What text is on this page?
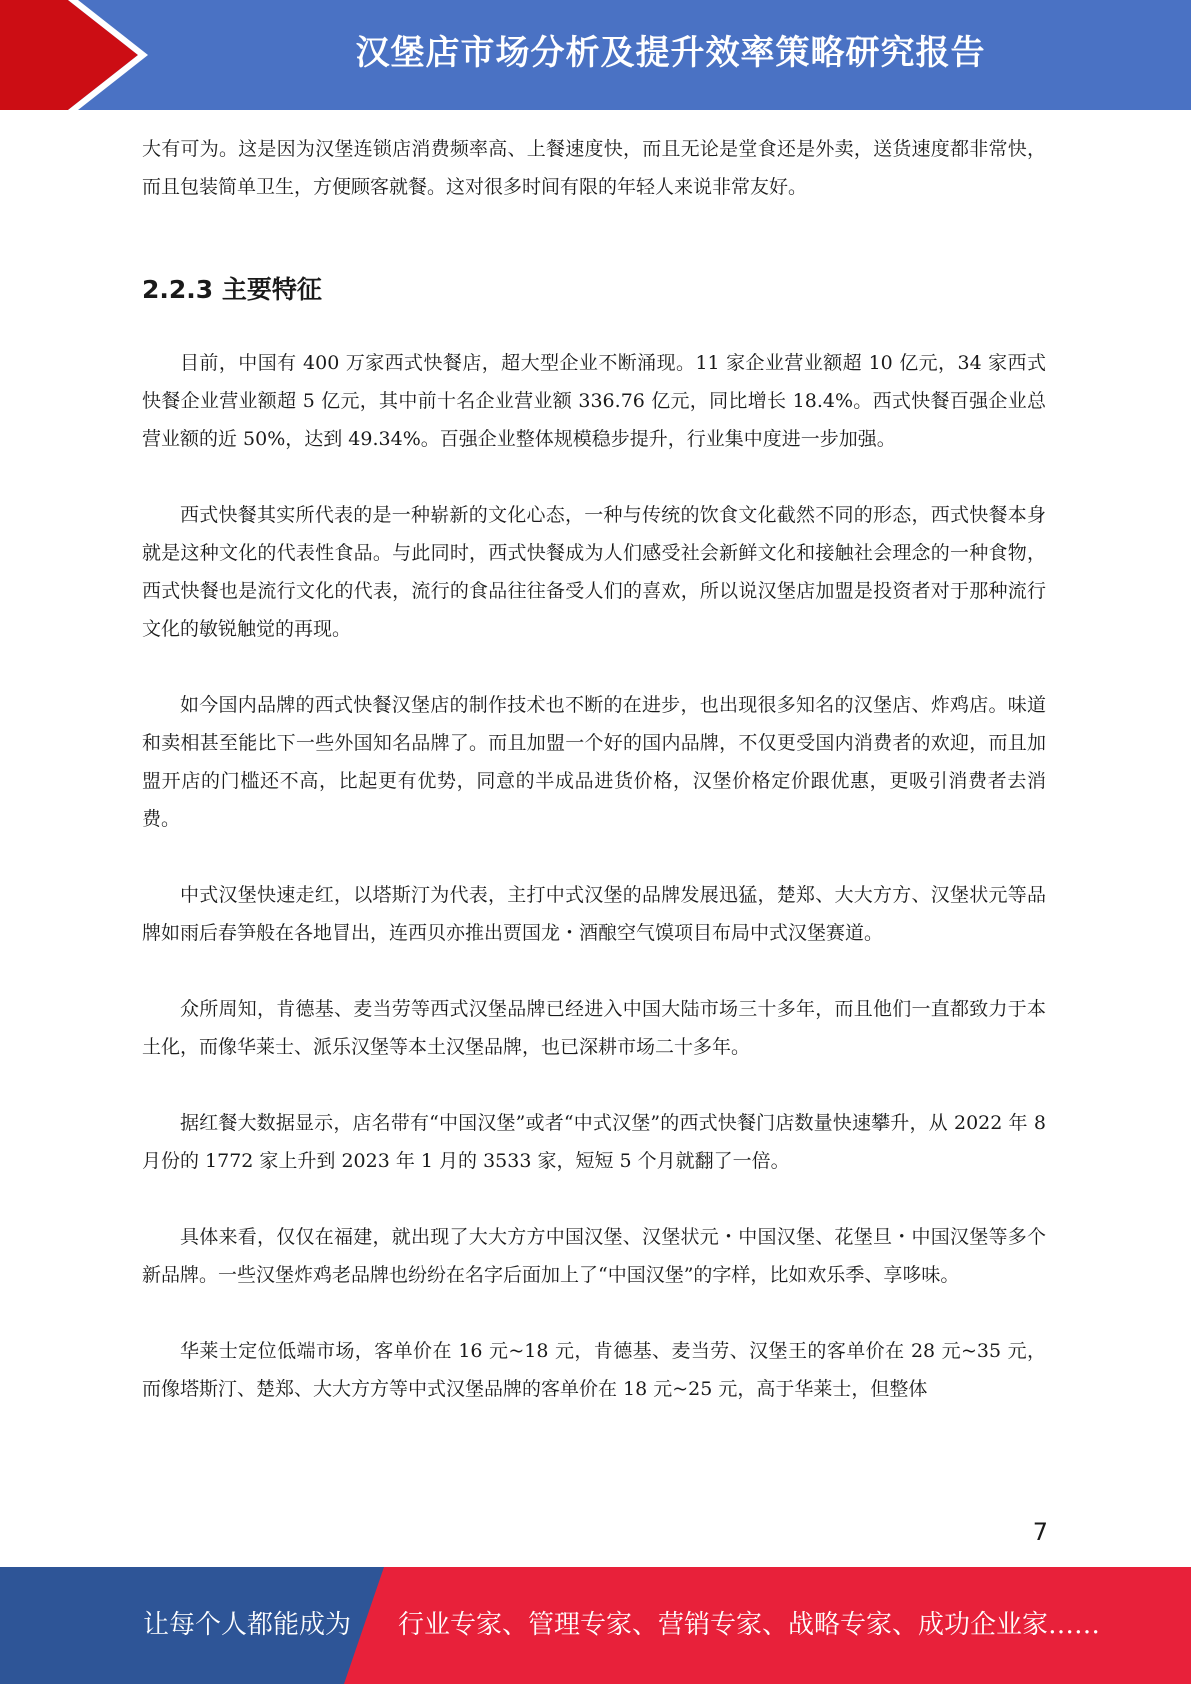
汉堡店市场分析及提升效率策略研究报告

大有可为。这是因为汉堡连锁店消费频率高、上餐速度快，而且无论是堂食还是外卖，送货速度都非常快，而且包装简单卫生，方便顾客就餐。这对很多时间有限的年轻人来说非常友好。

2.2.3 主要特征

目前，中国有 400 万家西式快餐店，超大型企业不断涌现。11 家企业营业额超 10 亿元，34 家西式快餐企业营业额超 5 亿元，其中前十名企业营业额 336.76 亿元，同比增长 18.4%。西式快餐百强企业总营业额的近 50%，达到 49.34%。百强企业整体规模稳步提升，行业集中度进一步加强。

西式快餐其实所代表的是一种崭新的文化心态，一种与传统的饮食文化截然不同的形态，西式快餐本身就是这种文化的代表性食品。与此同时，西式快餐成为人们感受社会新鲜文化和接触社会理念的一种食物，西式快餐也是流行文化的代表，流行的食品往往备受人们的喜欢，所以说汉堡店加盟是投资者对于那种流行文化的敏锐触觉的再现。

如今国内品牌的西式快餐汉堡店的制作技术也不断的在进步，也出现很多知名的汉堡店、炸鸡店。味道和卖相甚至能比下一些外国知名品牌了。而且加盟一个好的国内品牌，不仅更受国内消费者的欢迎，而且加盟开店的门槛还不高，比起更有优势，同意的半成品进货价格，汉堡价格定价跟优惠，更吸引消费者去消费。

中式汉堡快速走红，以塔斯汀为代表，主打中式汉堡的品牌发展迅猛，楚郑、大大方方、汉堡状元等品牌如雨后春笋般在各地冒出，连西贝亦推出贾国龙・酒酿空气馍项目布局中式汉堡赛道。

众所周知，肯德基、麦当劳等西式汉堡品牌已经进入中国大陆市场三十多年，而且他们一直都致力于本土化，而像华莱士、派乐汉堡等本土汉堡品牌，也已深耕市场二十多年。

据红餐大数据显示，店名带有“中国汉堡”或者“中式汉堡”的西式快餐门店数量快速攀升，从 2022 年 8 月份的 1772 家上升到 2023 年 1 月的 3533 家，短短 5 个月就翻了一倍。

具体来看，仅仅在福建，就出现了大大方方中国汉堡、汉堡状元・中国汉堡、花堡旦・中国汉堡等多个新品牌。一些汉堡炸鸡老品牌也纷纷在名字后面加上了“中国汉堡”的字样，比如欢乐季、享哆味。

华莱士定位低端市场，客单价在 16 元~18 元，肯德基、麦当劳、汉堡王的客单价在 28 元~35 元，而像塔斯汀、楚郑、大大方方等中式汉堡品牌的客单价在 18 元~25 元，高于华莱士，但整体

7
让每个人都能成为 行业专家、管理专家、营销专家、战略专家、成功企业家……
